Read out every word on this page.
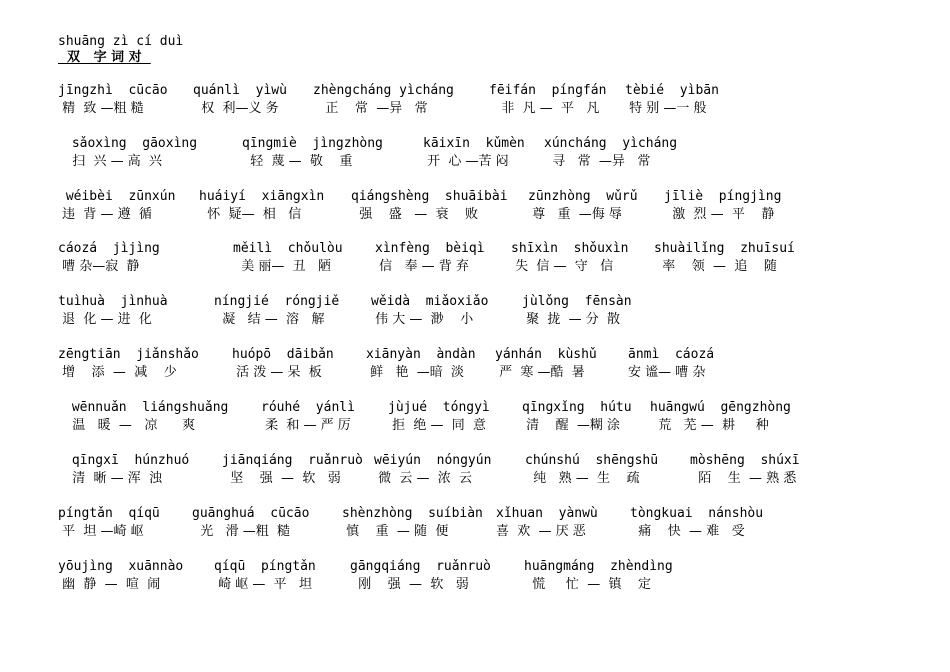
shuāng zì cí duì
双   字 词 对
jīngzhì  cūcāo
精  致 —粗 糙
quánlì  yìwù
权  利—义 务
zhèngcháng yìcháng
正    常  —异   常
fēifán  píngfán
非  凡 —  平   凡
tèbié  yìbān
特 别 —一 般
sǎoxìng  gāoxìng
扫  兴 — 高  兴
qīngmiè  jìngzhòng
轻  蔑 —  敬    重
kāixīn  kǔmèn
开  心 —苦 闷
xúncháng  yìcháng
寻   常  —异   常
wéibèi  zūnxún
违  背 — 遵  循
huáiyí  xiāngxìn
怀  疑—  相   信
qiángshèng  shuāibài
强    盛   —  衰    败
zūnzhòng  wǔrǔ
尊   重  —侮 辱
jīliè  píngjìng
激  烈 —  平    静
cáozá  jìjìng
嘈 杂—寂  静
měilì  chǒulòu
美 丽—  丑   陋
xìnfèng  bèiqì
信   奉 — 背 弃
shīxìn  shǒuxìn
失  信 —  守   信
shuàilǐng  zhuīsuí
率    领  —  追    随
tuìhuà  jìnhuà
退  化 — 进  化
níngjié  róngjiě
凝   结 —  溶   解
wěidà  miǎoxiǎo
伟 大 —  渺    小
jùlǒng  fēnsàn
聚  拢  — 分  散
zēngtiān  jiǎnshǎo
增    添  —  减    少
huópō  dāibǎn
活 泼 — 呆  板
xiānyàn  àndàn
鲜   艳  —暗  淡
yánhán  kùshǔ
严  寒 —酷  暑
ānmì  cáozá
安 谧— 嘈 杂
wēnnuǎn  liángshuǎng
温   暖  —   凉      爽
róuhé  yánlì
柔  和 — 严 厉
jùjué  tóngyì
拒  绝 —  同  意
qīngxǐng  hútu
清    醒  —糊 涂
huāngwú  gēngzhòng
荒   芜 —  耕     种
qīngxī  húnzhuó
清  晰 — 浑  浊
jiānqiáng  ruǎnruò
坚    强  —  软   弱
wēiyún  nóngyún
微  云 —  浓  云
chúnshú  shēngshū
纯   熟 —  生    疏
mòshēng  shúxī
陌    生  — 熟 悉
píngtǎn  qíqū
平  坦 —崎 岖
guānghuá  cūcāo
光   滑 —粗  糙
shènzhòng  suíbiàn
慎    重  — 随  便
xǐhuan  yànwù
喜  欢  — 厌 恶
tòngkuai  nánshòu
痛    快  — 难   受
yōujìng  xuānnào
幽  静  —  喧  闹
qíqū  píngtǎn
崎 岖 —  平   坦
gāngqiáng  ruǎnruò
刚    强  —  软   弱
huāngmáng  zhèndìng
慌     忙  —  镇    定
